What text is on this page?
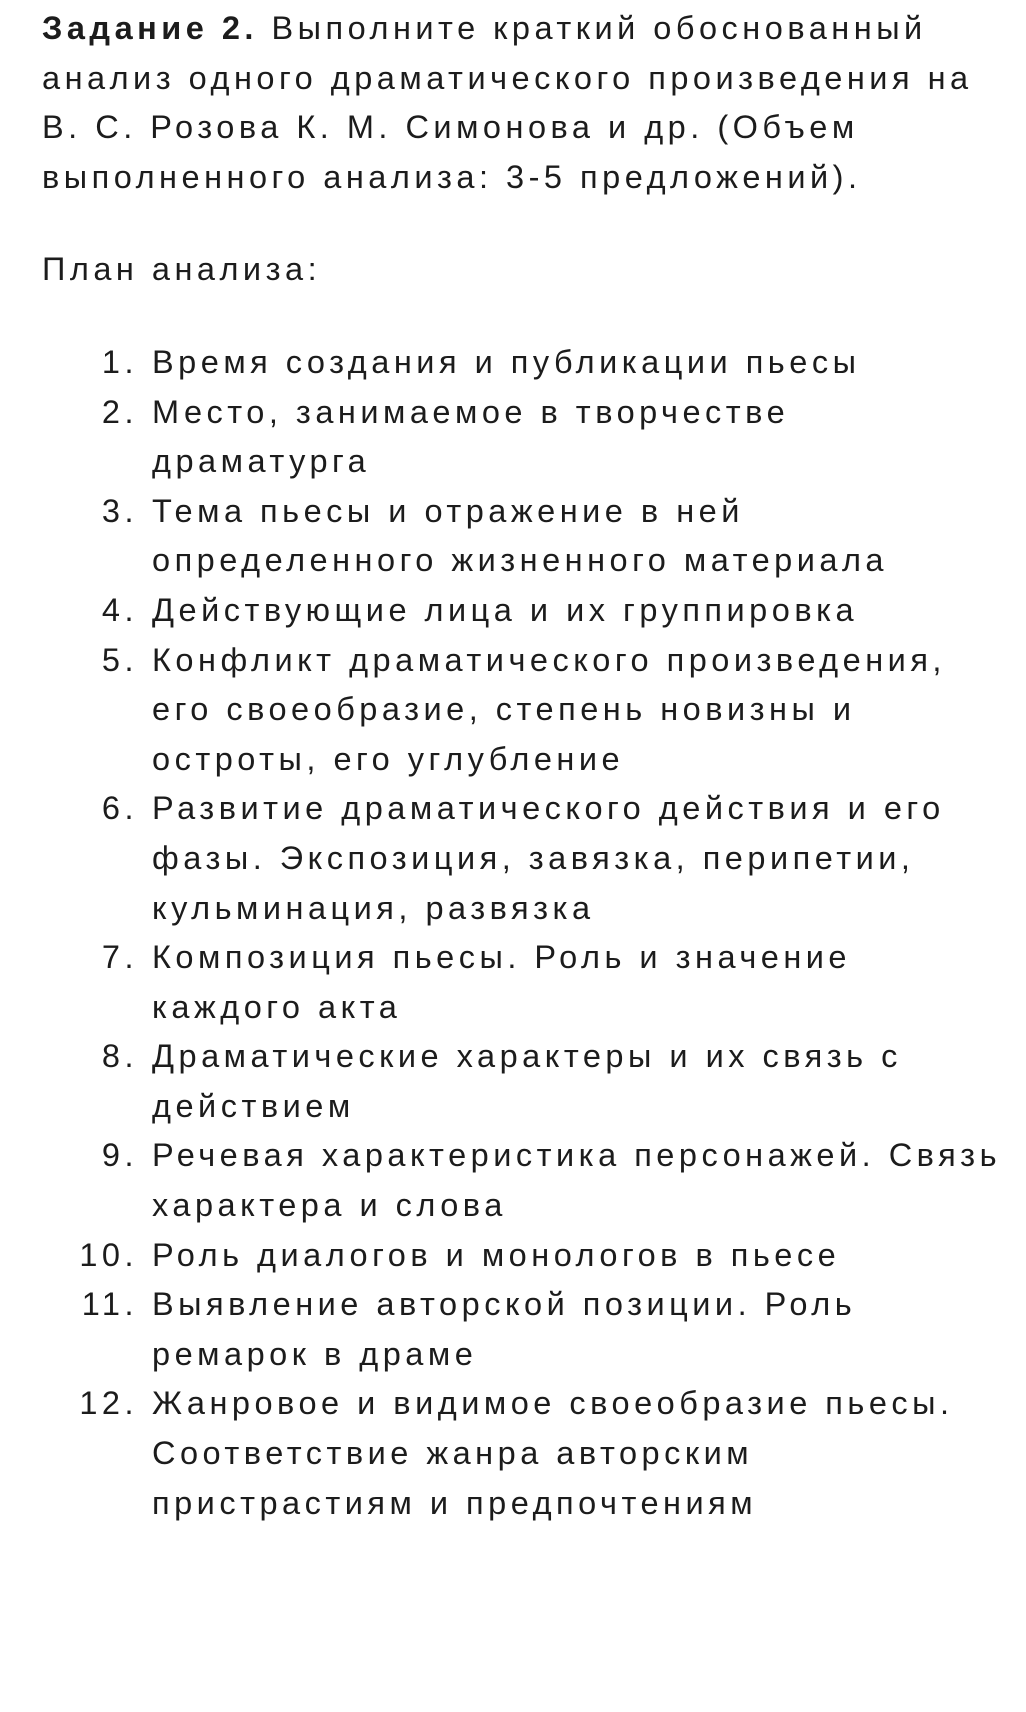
Задание 2. Выполните краткий обоснованный анализ одного драматического произведения на В. С. Розова К. М. Симонова и др. (Объем выполненного анализа: 3-5 предложений).

План анализа:

1. Время создания и публикации пьесы
2. Место, занимаемое в творчестве драматурга
3. Тема пьесы и отражение в ней определенного жизненного материала
4. Действующие лица и их группировка
5. Конфликт драматического произведения, его своеобразие, степень новизны и остроты, его углубление
6. Развитие драматического действия и его фазы. Экспозиция, завязка, перипетии, кульминация, развязка
7. Композиция пьесы. Роль и значение каждого акта
8. Драматические характеры и их связь с действием
9. Речевая характеристика персонажей. Связь характера и слова
10. Роль диалогов и монологов в пьесе
11. Выявление авторской позиции. Роль ремарок в драме
12. Жанровое и видимое своеобразие пьесы. Соответствие жанра авторским пристрастиям и предпочтениям
